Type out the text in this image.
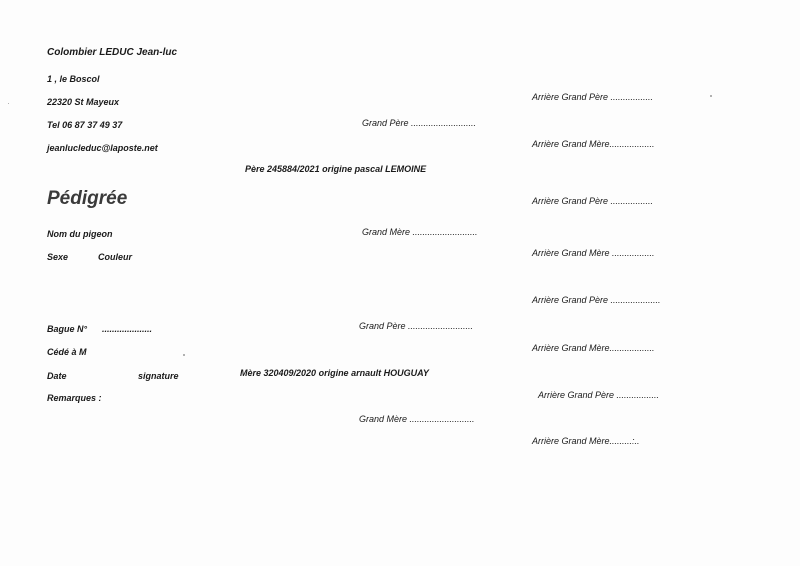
Colombier LEDUC Jean-luc
1 , le Boscol
22320 St Mayeux
Tel 06 87 37 49 37
jeanlucleduc@laposte.net
Pédigrée
Nom du pigeon
Sexe	Couleur
Bague N° ....................
Cédé à M
Date	signature
Remarques :
Père 245884/2021 origine pascal LEMOINE
Mère 320409/2020 origine arnault HOUGUAY
Grand Père ..........................
Grand Mère ..........................
Grand Père ..........................
Grand Mère ..........................
Arrière Grand Père .................
Arrière Grand Mère..................
Arrière Grand Père .................
Arrière Grand Mère .................
Arrière Grand Père ....................
Arrière Grand Mère..................
Arrière Grand Père .................
Arrière Grand Mère.........:..
